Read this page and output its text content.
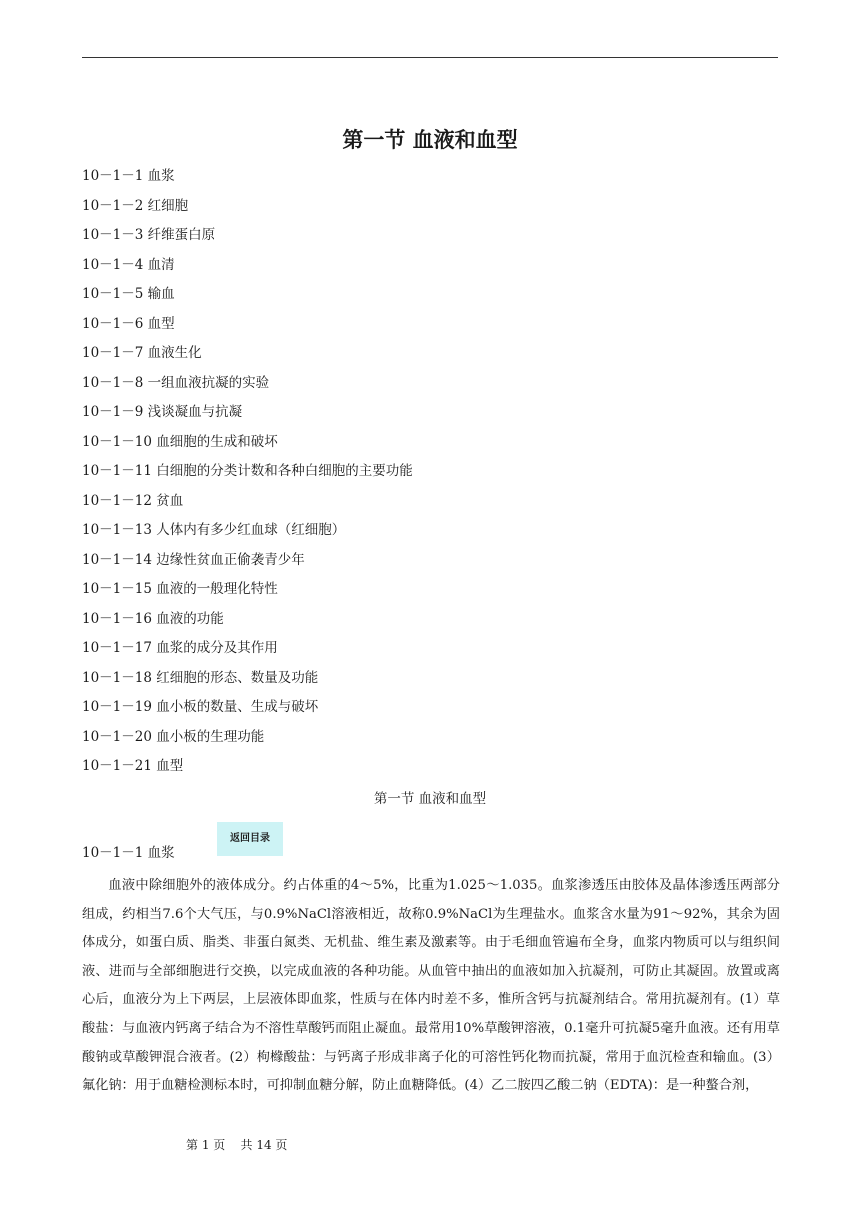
第一节 血液和血型
10－1－1 血浆
10－1－2 红细胞
10－1－3 纤维蛋白原
10－1－4 血清
10－1－5 输血
10－1－6 血型
10－1－7 血液生化
10－1－8 一组血液抗凝的实验
10－1－9 浅谈凝血与抗凝
10－1－10 血细胞的生成和破坏
10－1－11 白细胞的分类计数和各种白细胞的主要功能
10－1－12 贫血
10－1－13 人体内有多少红血球（红细胞）
10－1－14 边缘性贫血正偷袭青少年
10－1－15 血液的一般理化特性
10－1－16 血液的功能
10－1－17 血浆的成分及其作用
10－1－18 红细胞的形态、数量及功能
10－1－19 血小板的数量、生成与破坏
10－1－20 血小板的生理功能
10－1－21 血型
第一节 血液和血型
返回目录
10－1－1 血浆

血液中除细胞外的液体成分。约占体重的4～5%，比重为1.025～1.035。血浆渗透压由胶体及晶体渗透压两部分组成，约相当7.6个大气压，与0.9%NaCl溶液相近，故称0.9%NaCl为生理盐水。血浆含水量为91～92%，其余为固体成分，如蛋白质、脂类、非蛋白氮类、无机盐、维生素及激素等。由于毛细血管遍布全身，血浆内物质可以与组织间液、进而与全部细胞进行交换，以完成血液的各种功能。从血管中抽出的血液如加入抗凝剂，可防止其凝固。放置或离心后，血液分为上下两层，上层液体即血浆，性质与在体内时差不多，惟所含钙与抗凝剂结合。常用抗凝剂有。(1）草酸盐：与血液内钙离子结合为不溶性草酸钙而阻止凝血。最常用10%草酸钾溶液，0.1毫升可抗凝5毫升血液。还有用草酸钠或草酸钾混合液者。(2）枸橼酸盐：与钙离子形成非离子化的可溶性钙化物而抗凝，常用于血沉检查和输血。(3）氟化钠：用于血糖检测标本时，可抑制血糖分解，防止血糖降低。(4）乙二胺四乙酸二钠（EDTA)：是一种螯合剂，

第 1 页    共 14 页
